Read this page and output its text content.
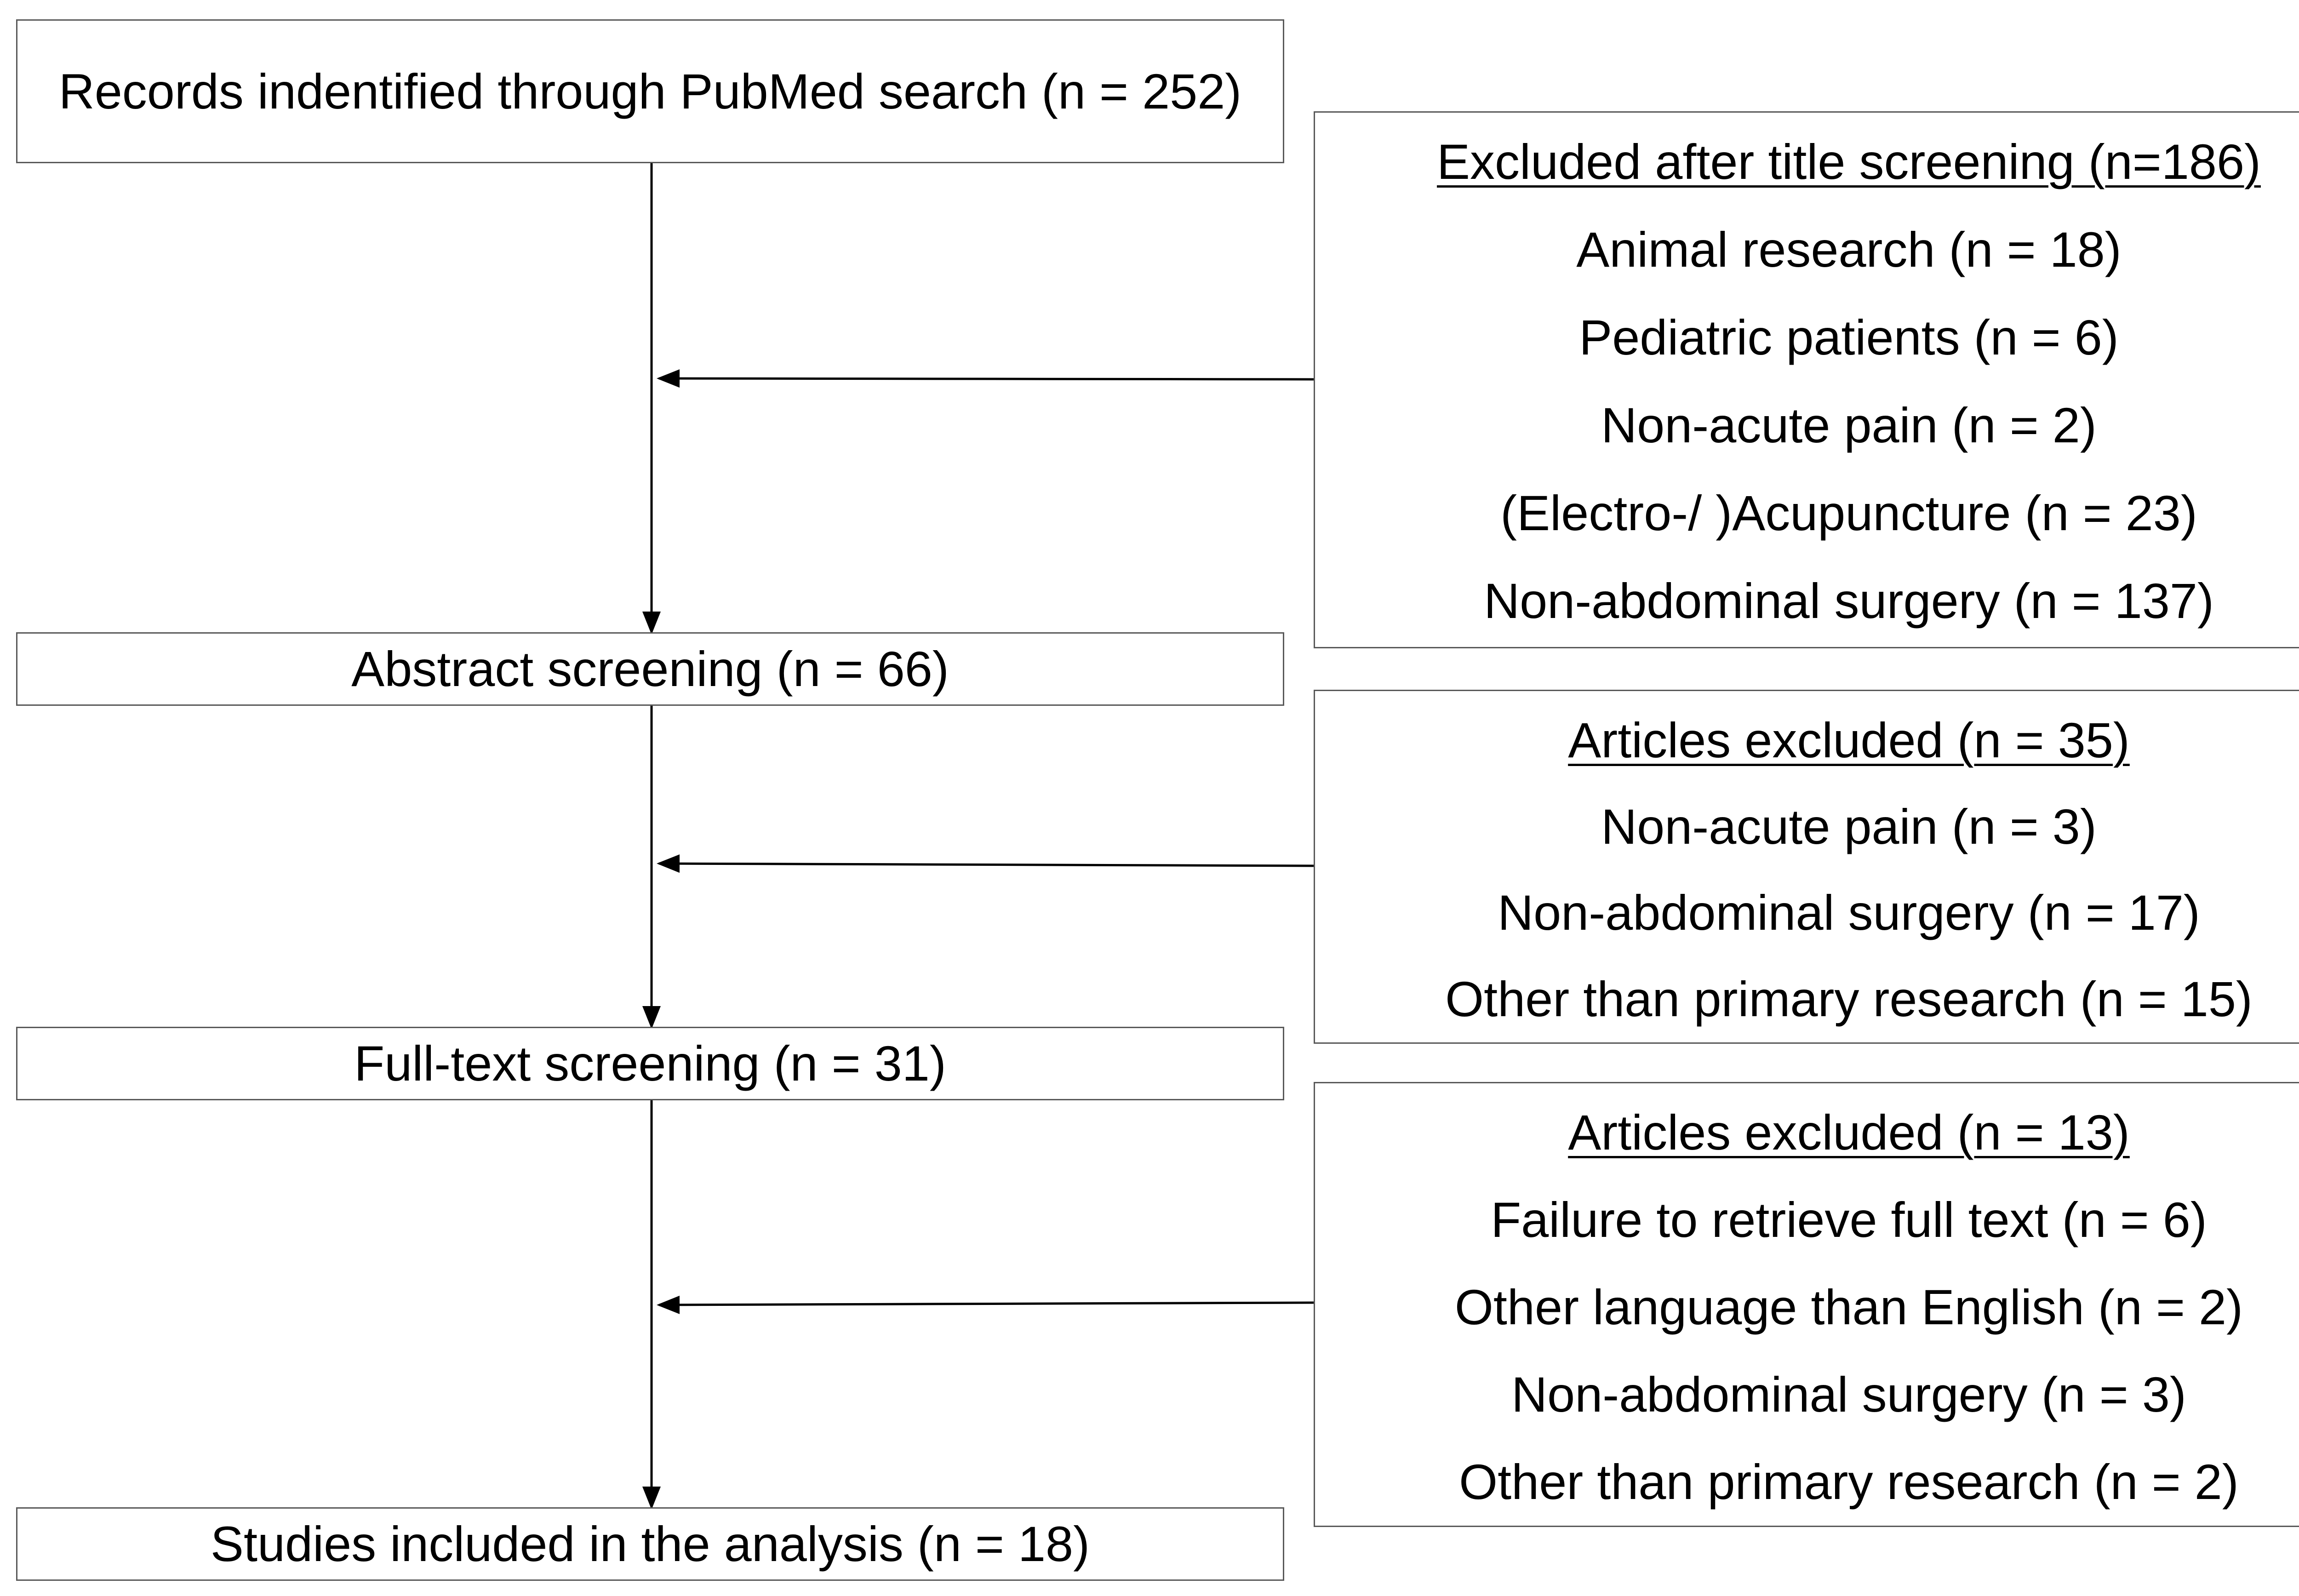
Records indentified through PubMed search (n = 252)
Abstract screening (n = 66)
Full-text screening (n = 31)
Studies included in the analysis (n = 18)
Excluded after title screening (n=186)
Animal research (n = 18)
Pediatric patients (n = 6)
Non-acute pain (n = 2)
(Electro-/ )Acupuncture (n = 23)
Non-abdominal surgery (n = 137)
Articles excluded (n = 35)
Non-acute pain (n = 3)
Non-abdominal surgery (n = 17)
Other than primary research (n = 15)
Articles excluded (n = 13)
Failure to retrieve full text (n = 6)
Other language than English (n = 2)
Non-abdominal surgery (n = 3)
Other than primary research (n = 2)
